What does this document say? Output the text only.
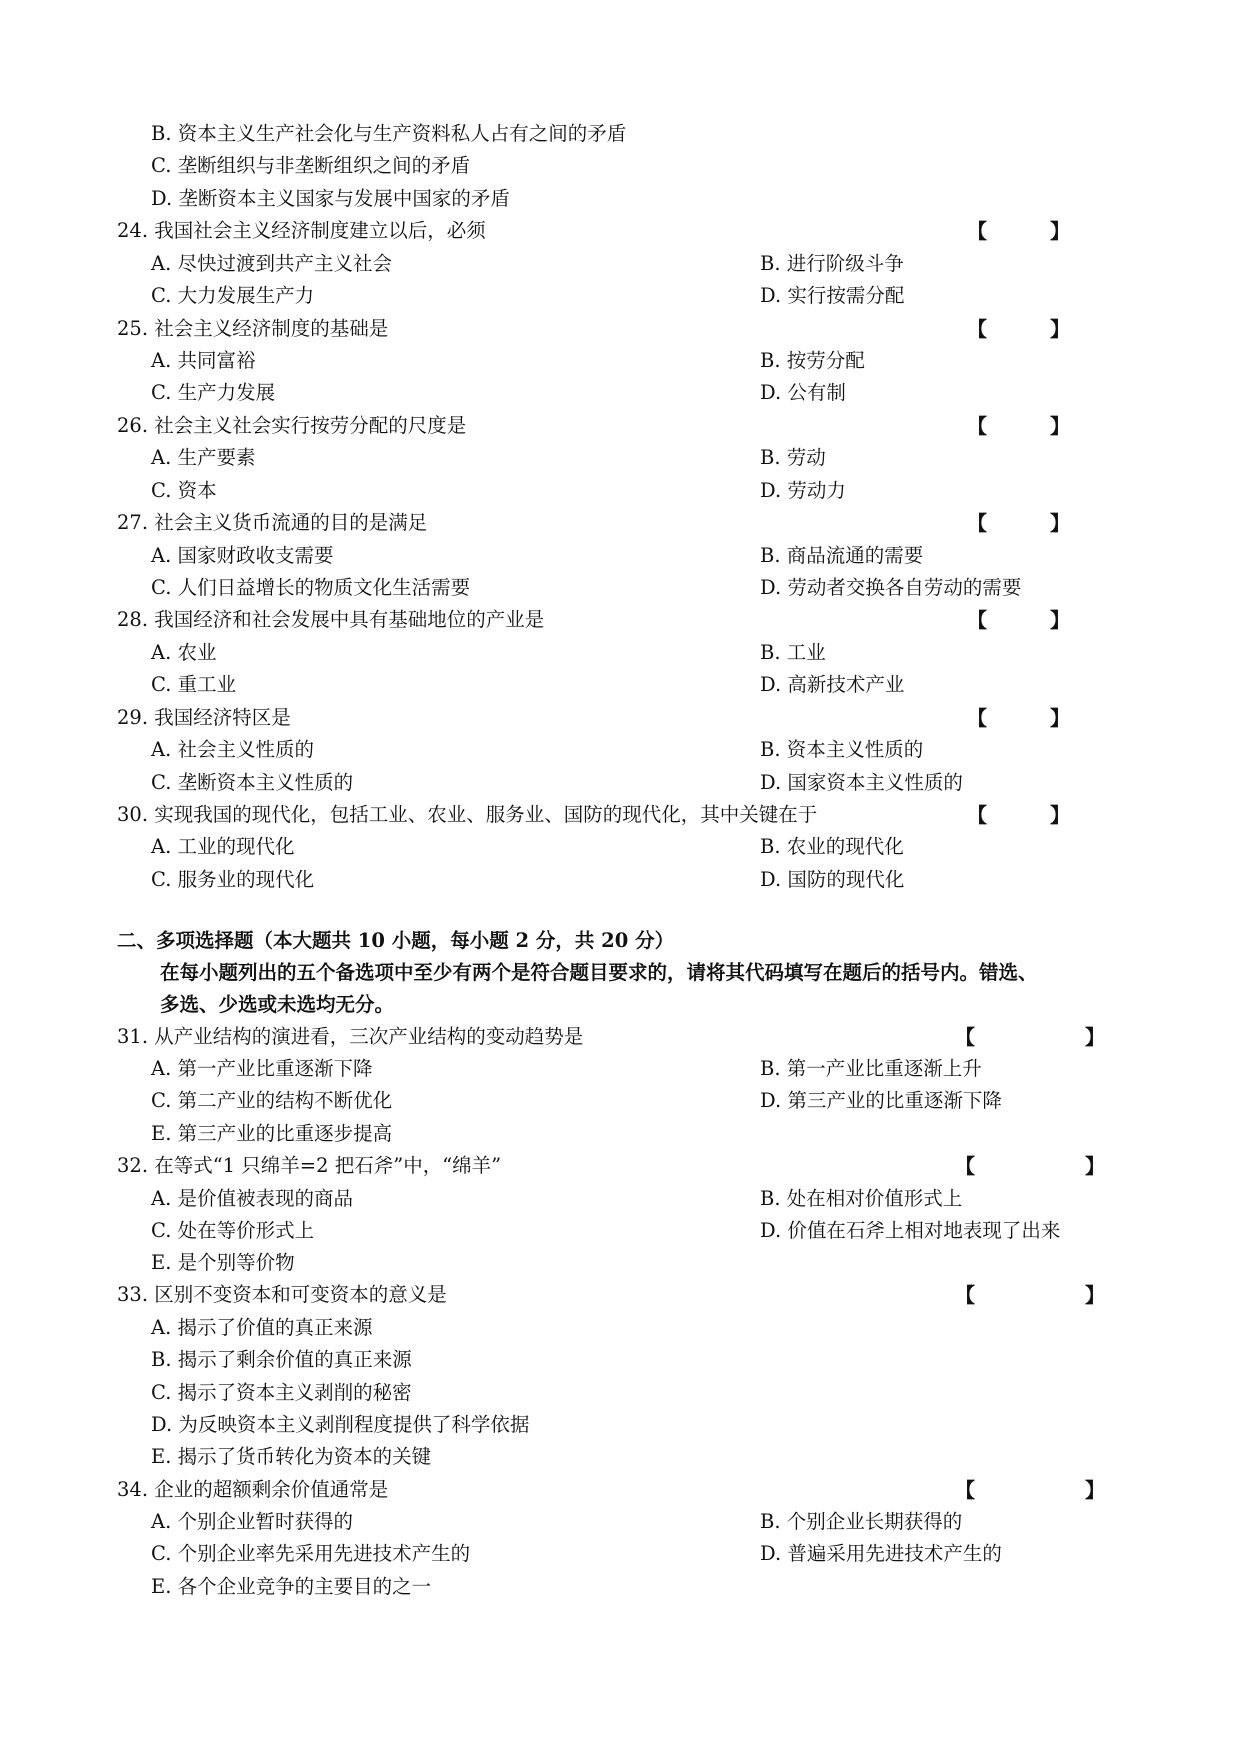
B. 资本主义生产社会化与生产资料私人占有之间的矛盾
C. 垄断组织与非垄断组织之间的矛盾
D. 垄断资本主义国家与发展中国家的矛盾
24. 我国社会主义经济制度建立以后，必须	【	】
A. 尽快过渡到共产主义社会	B. 进行阶级斗争
C. 大力发展生产力	D. 实行按需分配
25. 社会主义经济制度的基础是	【	】
A. 共同富裕	B. 按劳分配
C. 生产力发展	D. 公有制
26. 社会主义社会实行按劳分配的尺度是	【	】
A. 生产要素	B. 劳动
C. 资本	D. 劳动力
27. 社会主义货币流通的目的是满足	【	】
A. 国家财政收支需要	B. 商品流通的需要
C. 人们日益增长的物质文化生活需要	D. 劳动者交换各自劳动的需要
28. 我国经济和社会发展中具有基础地位的产业是	【	】
A. 农业	B. 工业
C. 重工业	D. 高新技术产业
29. 我国经济特区是	【	】
A. 社会主义性质的	B. 资本主义性质的
C. 垄断资本主义性质的	D. 国家资本主义性质的
30. 实现我国的现代化，包括工业、农业、服务业、国防的现代化，其中关键在于	【	】
A. 工业的现代化	B. 农业的现代化
C. 服务业的现代化	D. 国防的现代化
二、多项选择题（本大题共 10 小题，每小题 2 分，共 20 分）
在每小题列出的五个备选项中至少有两个是符合题目要求的，请将其代码填写在题后的括号内。错选、
多选、少选或未选均无分。
31. 从产业结构的演进看，三次产业结构的变动趋势是	【	】
A. 第一产业比重逐渐下降	B. 第一产业比重逐渐上升
C. 第二产业的结构不断优化	D. 第三产业的比重逐渐下降
E. 第三产业的比重逐步提高
32. 在等式“1 只绵羊=2 把石斧”中，“绵羊”	【	】
A. 是价值被表现的商品	B. 处在相对价值形式上
C. 处在等价形式上	D. 价值在石斧上相对地表现了出来
E. 是个别等价物
33. 区别不变资本和可变资本的意义是	【	】
A. 揭示了价值的真正来源
B. 揭示了剩余价值的真正来源
C. 揭示了资本主义剥削的秘密
D. 为反映资本主义剥削程度提供了科学依据
E. 揭示了货币转化为资本的关键
34. 企业的超额剩余价值通常是	【	】
A. 个别企业暂时获得的	B. 个别企业长期获得的
C. 个别企业率先采用先进技术产生的	D. 普遍采用先进技术产生的
E. 各个企业竞争的主要目的之一
